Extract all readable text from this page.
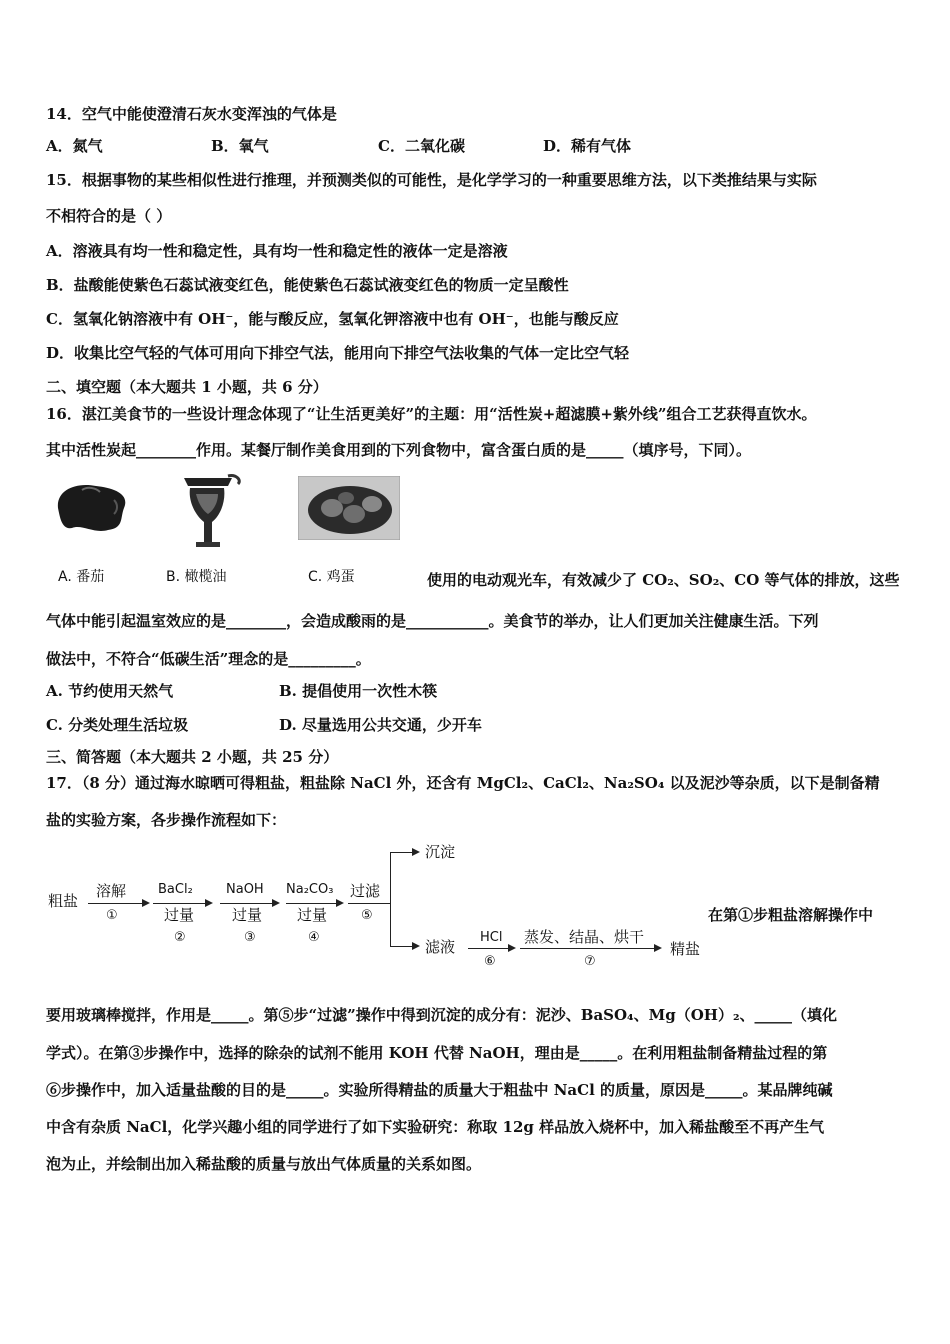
14．空气中能使澄清石灰水变浑浊的气体是
A．氮气	B．氧气	C．二氧化碳	D．稀有气体
15．根据事物的某些相似性进行推理，并预测类似的可能性，是化学学习的一种重要思维方法，以下类推结果与实际
不相符合的是（ ）
A．溶液具有均一性和稳定性，具有均一性和稳定性的液体一定是溶液
B．盐酸能使紫色石蕊试液变红色，能使紫色石蕊试液变红色的物质一定呈酸性
C．氢氧化钠溶液中有 OH⁻，能与酸反应，氢氧化钾溶液中也有 OH⁻，也能与酸反应
D．收集比空气轻的气体可用向下排空气法，能用向下排空气法收集的气体一定比空气轻
二、填空题（本大题共 1 小题，共 6 分）
16．湛江美食节的一些设计理念体现了“让生活更美好”的主题：用“活性炭+超滤膜+紫外线”组合工艺获得直饮水。
其中活性炭起________作用。某餐厅制作美食用到的下列食物中，富含蛋白质的是_____（填序号，下同）。
A. 番茄	B. 橄榄油	C. 鸡蛋	使用的电动观光车，有效减少了 CO₂、SO₂、CO 等气体的排放，这些
气体中能引起温室效应的是________，会造成酸雨的是___________。美食节的举办，让人们更加关注健康生活。下列
做法中，不符合“低碳生活”理念的是_________。
A. 节约使用天然气	B. 提倡使用一次性木筷
C. 分类处理生活垃圾	D. 尽量选用公共交通，少开车
三、简答题（本大题共 2 小题，共 25 分）
17．（8 分）通过海水晾晒可得粗盐，粗盐除 NaCl 外，还含有 MgCl₂、CaCl₂、Na₂SO₄ 以及泥沙等杂质，以下是制备精
盐的实验方案，各步操作流程如下：
粗盐
溶解
①
BaCl₂
过量
②
NaOH
过量
③
Na₂CO₃
过量
④
过滤
⑤
沉淀
滤液
HCl
⑥
蒸发、结晶、烘干
⑦
精盐
在第①步粗盐溶解操作中
要用玻璃棒搅拌，作用是_____。第⑤步“过滤”操作中得到沉淀的成分有：泥沙、BaSO₄、Mg（OH）₂、_____（填化
学式）。在第③步操作中，选择的除杂的试剂不能用 KOH 代替 NaOH，理由是_____。在利用粗盐制备精盐过程的第
⑥步操作中，加入适量盐酸的目的是_____。实验所得精盐的质量大于粗盐中 NaCl 的质量，原因是_____。某品牌纯碱
中含有杂质 NaCl，化学兴趣小组的同学进行了如下实验研究：称取 12g 样品放入烧杯中，加入稀盐酸至不再产生气
泡为止，并绘制出加入稀盐酸的质量与放出气体质量的关系如图。
